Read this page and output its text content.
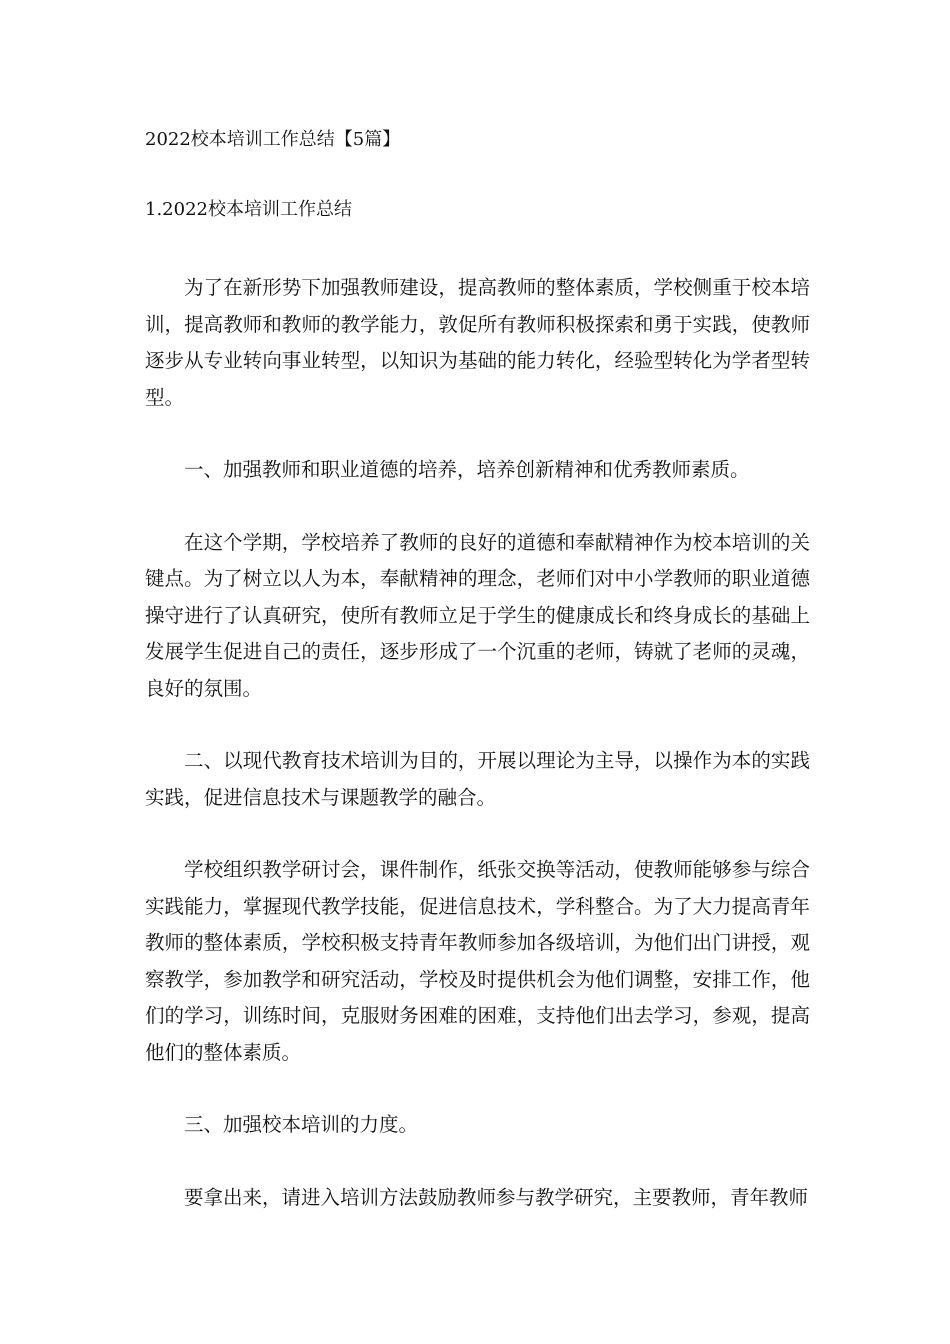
2022校本培训工作总结【5篇】
1.2022校本培训工作总结

为了在新形势下加强教师建设，提高教师的整体素质，学校侧重于校本培训，提高教师和教师的教学能力，敦促所有教师积极探索和勇于实践，使教师逐步从专业转向事业转型，以知识为基础的能力转化，经验型转化为学者型转型。

一、加强教师和职业道德的培养，培养创新精神和优秀教师素质。

在这个学期，学校培养了教师的良好的道德和奉献精神作为校本培训的关键点。为了树立以人为本，奉献精神的理念，老师们对中小学教师的职业道德操守进行了认真研究，使所有教师立足于学生的健康成长和终身成长的基础上发展学生促进自己的责任，逐步形成了一个沉重的老师，铸就了老师的灵魂，良好的氛围。

二、以现代教育技术培训为目的，开展以理论为主导，以操作为本的实践实践，促进信息技术与课题教学的融合。

学校组织教学研讨会，课件制作，纸张交换等活动，使教师能够参与综合实践能力，掌握现代教学技能，促进信息技术，学科整合。为了大力提高青年教师的整体素质，学校积极支持青年教师参加各级培训，为他们出门讲授，观察教学，参加教学和研究活动，学校及时提供机会为他们调整，安排工作，他们的学习，训练时间，克服财务困难的困难，支持他们出去学习，参观，提高他们的整体素质。

三、加强校本培训的力度。

要拿出来，请进入培训方法鼓励教师参与教学研究，主要教师，青年教师
